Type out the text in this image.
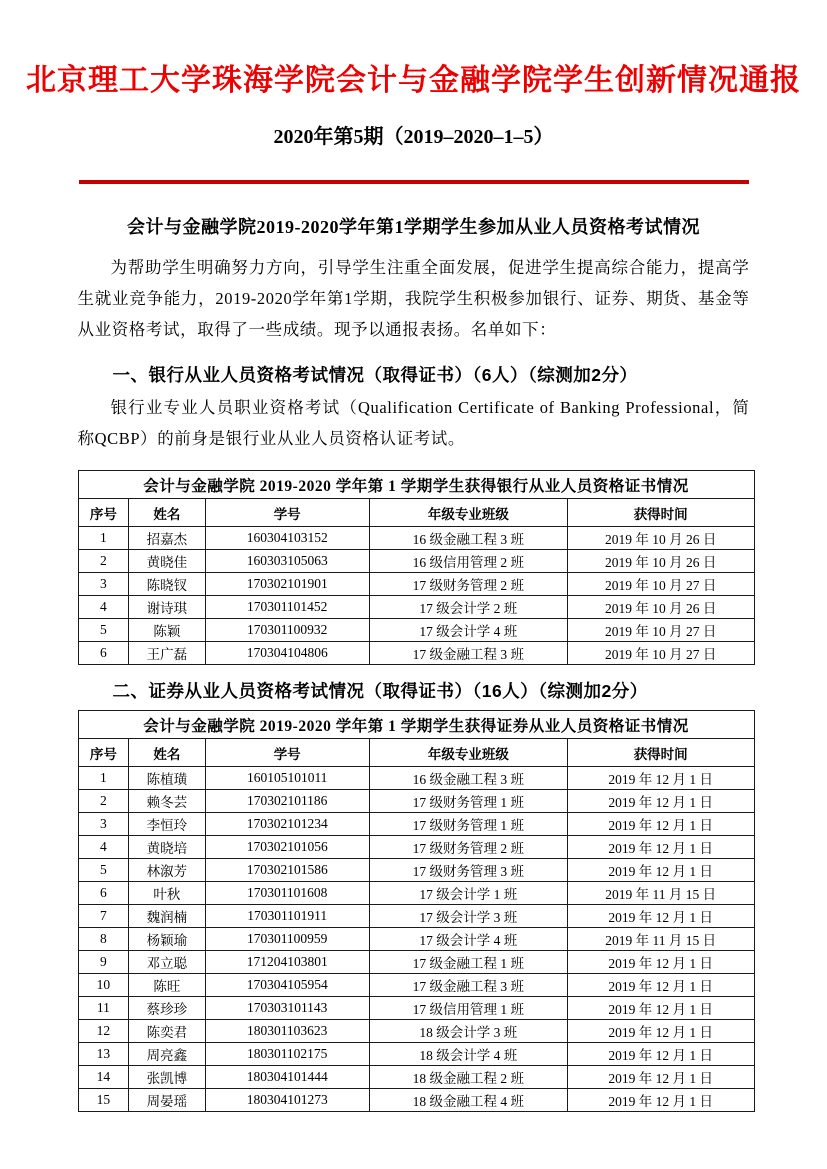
北京理工大学珠海学院会计与金融学院学生创新情况通报
2020年第5期（2019–2020–1–5）
会计与金融学院2019-2020学年第1学期学生参加从业人员资格考试情况

为帮助学生明确努力方向，引导学生注重全面发展，促进学生提高综合能力，提高学生就业竞争能力，2019-2020学年第1学期，我院学生积极参加银行、证券、期货、基金等从业资格考试，取得了一些成绩。现予以通报表扬。名单如下：

一、银行从业人员资格考试情况（取得证书）（6人）（综测加2分）

银行业专业人员职业资格考试（Qualification Certificate of Banking Professional，简称QCBP）的前身是银行业从业人员资格认证考试。

会计与金融学院 2019-2020 学年第 1 学期学生获得银行从业人员资格证书情况				
序号	姓名	学号	年级专业班级	获得时间
1	招嘉杰	160304103152	16 级金融工程 3 班	2019 年 10 月 26 日
2	黄晓佳	160303105063	16 级信用管理 2 班	2019 年 10 月 26 日
3	陈晓钗	170302101901	17 级财务管理 2 班	2019 年 10 月 27 日
4	谢诗琪	170301101452	17 级会计学 2 班	2019 年 10 月 26 日
5	陈颖	170301100932	17 级会计学 4 班	2019 年 10 月 27 日
6	王广磊	170304104806	17 级金融工程 3 班	2019 年 10 月 27 日
二、证券从业人员资格考试情况（取得证书）（16人）（综测加2分）
会计与金融学院 2019-2020 学年第 1 学期学生获得证券从业人员资格证书情况				
序号	姓名	学号	年级专业班级	获得时间
1	陈植璜	160105101011	16 级金融工程 3 班	2019 年 12 月 1 日
2	赖冬芸	170302101186	17 级财务管理 1 班	2019 年 12 月 1 日
3	李恒玲	170302101234	17 级财务管理 1 班	2019 年 12 月 1 日
4	黄晓培	170302101056	17 级财务管理 2 班	2019 年 12 月 1 日
5	林溆芳	170302101586	17 级财务管理 3 班	2019 年 12 月 1 日
6	叶秋	170301101608	17 级会计学 1 班	2019 年 11 月 15 日
7	魏润楠	170301101911	17 级会计学 3 班	2019 年 12 月 1 日
8	杨颖瑜	170301100959	17 级会计学 4 班	2019 年 11 月 15 日
9	邓立聪	171204103801	17 级金融工程 1 班	2019 年 12 月 1 日
10	陈旺	170304105954	17 级金融工程 3 班	2019 年 12 月 1 日
11	蔡珍珍	170303101143	17 级信用管理 1 班	2019 年 12 月 1 日
12	陈奕君	180301103623	18 级会计学 3 班	2019 年 12 月 1 日
13	周亮鑫	180301102175	18 级会计学 4 班	2019 年 12 月 1 日
14	张凯博	180304101444	18 级金融工程 2 班	2019 年 12 月 1 日
15	周晏瑶	180304101273	18 级金融工程 4 班	2019 年 12 月 1 日
